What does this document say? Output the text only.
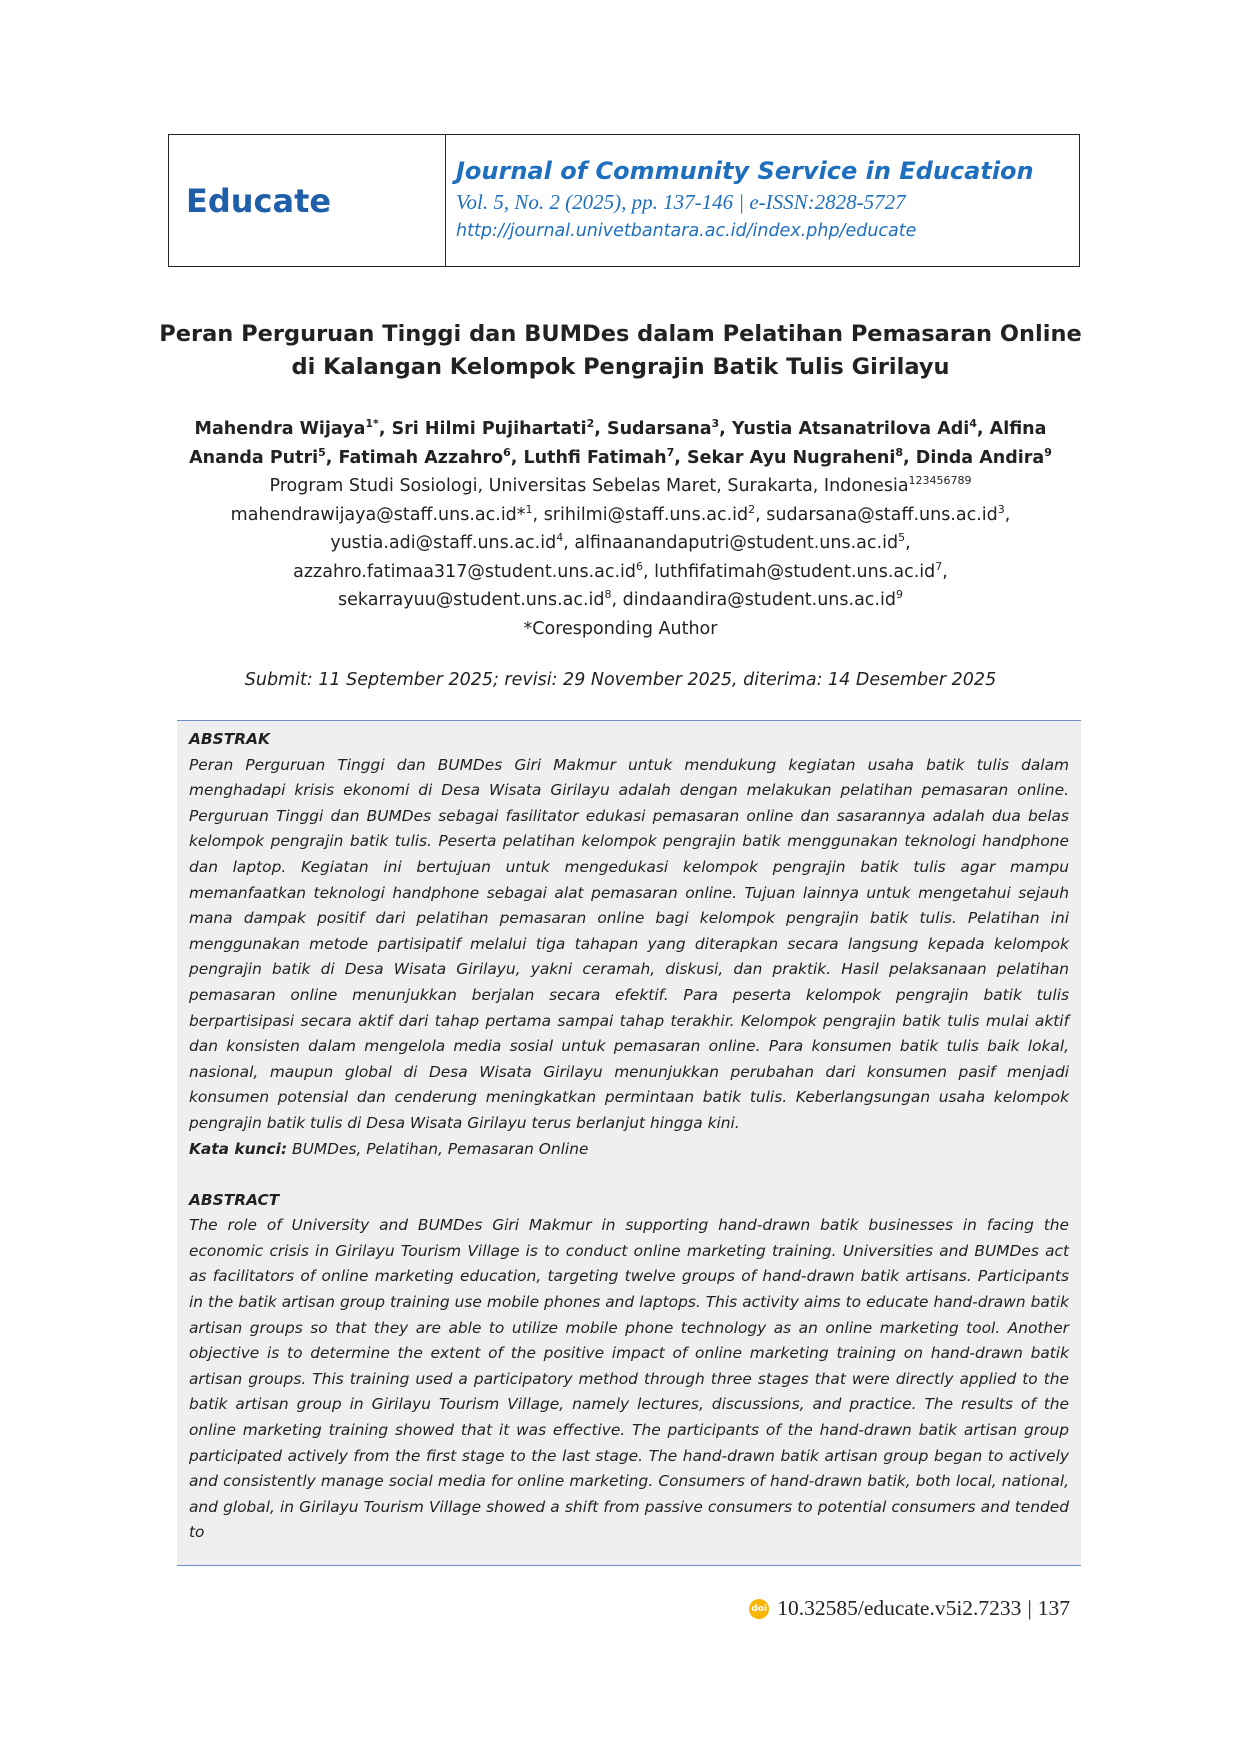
Educate
Journal of Community Service in Education
Vol. 5, No. 2 (2025), pp. 137-146 | e-ISSN:2828-5727
http://journal.univetbantara.ac.id/index.php/educate
Peran Perguruan Tinggi dan BUMDes dalam Pelatihan Pemasaran Online
di Kalangan Kelompok Pengrajin Batik Tulis Girilayu
Mahendra Wijaya$^{1*}$, Sri Hilmi Pujihartati$^2$, Sudarsana$^3$, Yustia Atsanatrilova Adi$^4$, Alfina
Ananda Putri$^5$, Fatimah Azzahro$^6$, Luthfi Fatimah$^7$, Sekar Ayu Nugraheni$^8$, Dinda Andira$^9$
Program Studi Sosiologi, Universitas Sebelas Maret, Surakarta, Indonesia$^{123456789}$
mahendrawijaya@staff.uns.ac.id*$^1$, $srihilmi@staff.uns.ac.id^2$, $sudarsana@staff.uns.ac.id^3$,
$yustia.adi@staff.uns.ac.id^4$, $alfinaanandaputri@student.uns.ac.id^5$,
$azzahro.fatimaa317@student.uns.ac.id^6$, $luthfifatimah@student.uns.ac.id^7$,
$sekarrayuu@student.uns.ac.id^8$, $dindaandira@student.uns.ac.id^9$
*Coresponding Author
Submit: 11 September 2025; revisi: 29 November 2025, diterima: 14 Desember 2025
ABSTRAK

Peran Perguruan Tinggi dan BUMDes Giri Makmur untuk mendukung kegiatan usaha batik tulis dalam menghadapi krisis ekonomi di Desa Wisata Girilayu adalah dengan melakukan pelatihan pemasaran online. Perguruan Tinggi dan BUMDes sebagai fasilitator edukasi pemasaran online dan sasarannya adalah dua belas kelompok pengrajin batik tulis. Peserta pelatihan kelompok pengrajin batik menggunakan teknologi handphone dan laptop. Kegiatan ini bertujuan untuk mengedukasi kelompok pengrajin batik tulis agar mampu memanfaatkan teknologi handphone sebagai alat pemasaran online. Tujuan lainnya untuk mengetahui sejauh mana dampak positif dari pelatihan pemasaran online bagi kelompok pengrajin batik tulis. Pelatihan ini menggunakan metode partisipatif melalui tiga tahapan yang diterapkan secara langsung kepada kelompok pengrajin batik di Desa Wisata Girilayu, yakni ceramah, diskusi, dan praktik. Hasil pelaksanaan pelatihan pemasaran online menunjukkan berjalan secara efektif. Para peserta kelompok pengrajin batik tulis berpartisipasi secara aktif dari tahap pertama sampai tahap terakhir. Kelompok pengrajin batik tulis mulai aktif dan konsisten dalam mengelola media sosial untuk pemasaran online. Para konsumen batik tulis baik lokal, nasional, maupun global di Desa Wisata Girilayu menunjukkan perubahan dari konsumen pasif menjadi konsumen potensial dan cenderung meningkatkan permintaan batik tulis. Keberlangsungan usaha kelompok pengrajin batik tulis di Desa Wisata Girilayu terus berlanjut hingga kini.

Kata kunci: BUMDes, Pelatihan, Pemasaran Online
ABSTRACT

The role of University and BUMDes Giri Makmur in supporting hand-drawn batik businesses in facing the economic crisis in Girilayu Tourism Village is to conduct online marketing training. Universities and BUMDes act as facilitators of online marketing education, targeting twelve groups of hand-drawn batik artisans. Participants in the batik artisan group training use mobile phones and laptops. This activity aims to educate hand-drawn batik artisan groups so that they are able to utilize mobile phone technology as an online marketing tool. Another objective is to determine the extent of the positive impact of online marketing training on hand-drawn batik artisan groups. This training used a participatory method through three stages that were directly applied to the batik artisan group in Girilayu Tourism Village, namely lectures, discussions, and practice. The results of the online marketing training showed that it was effective. The participants of the hand-drawn batik artisan group participated actively from the first stage to the last stage. The hand-drawn batik artisan group began to actively and consistently manage social media for online marketing. Consumers of hand-drawn batik, both local, national, and global, in Girilayu Tourism Village showed a shift from passive consumers to potential consumers and tended to

doi 10.32585/educate.v5i2.7233 | 137
